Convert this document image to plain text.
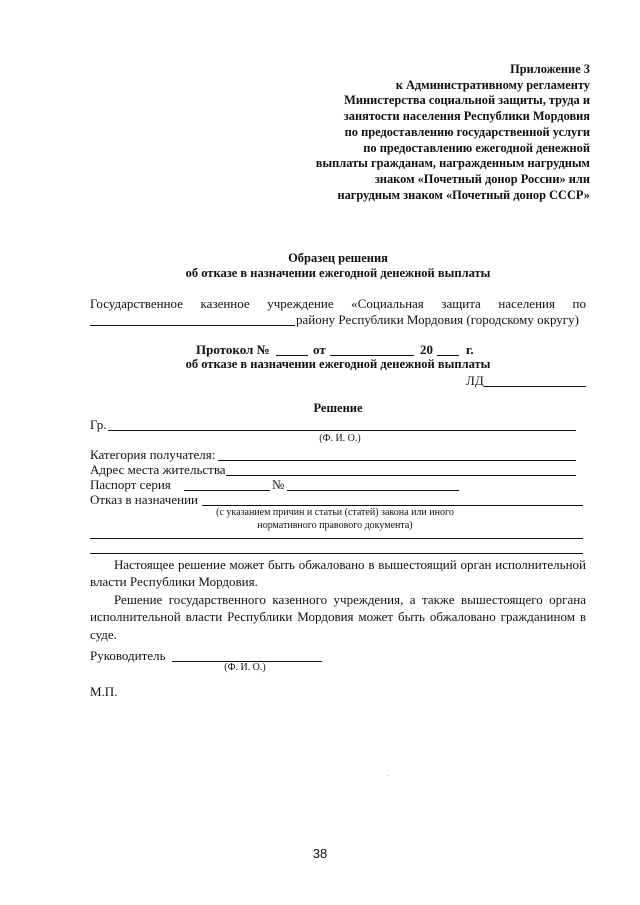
Приложение 3
к Административному регламенту
Министерства социальной защиты, труда и
занятости населения Республики Мордовия
по предоставлению государственной услуги
по предоставлению ежегодной денежной
выплаты гражданам, награжденным нагрудным
знаком «Почетный донор России» или
нагрудным знаком «Почетный донор СССР»
Образец решения
об отказе в назначении ежегодной денежной выплаты
Государственное казенное учреждение «Социальная защита населения по
району Республики Мордовия (городскому округу)
Протокол №	от	20	г.
об отказе в назначении ежегодной денежной выплаты
ЛД
Решение
Гр.
(Ф. И. О.)
Категория получателя:
Адрес места жительства
Паспорт серия	№
Отказ в назначении
(с указанием причин и статьи (статей) закона или иного
нормативного правового документа)

Настоящее решение может быть обжаловано в вышестоящий орган исполнительной власти Республики Мордовия.

Решение государственного казенного учреждения, а также вышестоящего органа исполнительной власти Республики Мордовия может быть обжаловано гражданином в суде.

Руководитель
(Ф. И. О.)
М.П.
38
